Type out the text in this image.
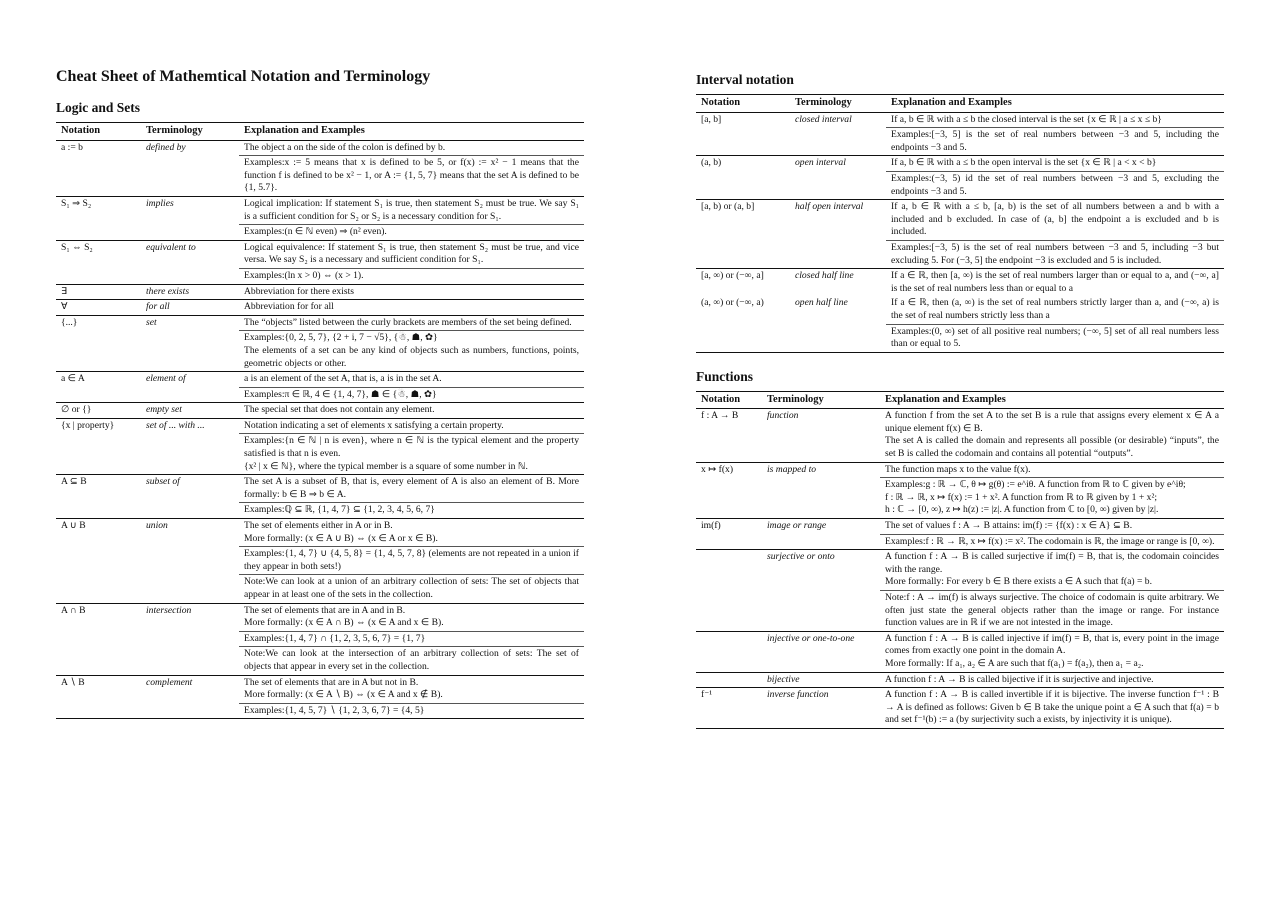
Cheat Sheet of Mathemtical Notation and Terminology
Logic and Sets
Notation	Terminology	Explanation and Examples
a := b	defined by	The object a on the side of the colon is defined by b.
		Examples:x := 5 means that x is defined to be 5, or f(x) := x² − 1 means that the function f is defined to be x² − 1, or A := {1, 5, 7} means that the set A is defined to be {1, 5.7}.
S₁ ⇒ S₂	implies	Logical implication: If statement S₁ is true, then statement S₂ must be true. We say S₁ is a sufficient condition for S₂ or S₂ is a necessary condition for S₁.
		Examples:(n ∈ ℕ even) ⇒ (n² even).
S₁ ⇔ S₂	equivalent to	Logical equivalence: If statement S₁ is true, then statement S₂ must be true, and vice versa. We say S₂ is a necessary and sufficient condition for S₁.
		Examples:(ln x > 0) ⇔ (x > 1).
∃	there exists	Abbreviation for there exists
∀	for all	Abbreviation for for all
{...}	set	The “objects” listed between the curly brackets are members of the set being defined.
		Examples:{0, 2, 5, 7}, {2 + i, 7 − √5}, {☃, ☗, ✿}
The elements of a set can be any kind of objects such as numbers, functions, points, geometric objects or other.
a ∈ A	element of	a is an element of the set A, that is, a is in the set A.
		Examples:π ∈ ℝ, 4 ∈ {1, 4, 7}, ☗ ∈ {☃, ☗, ✿}
∅ or {}	empty set	The special set that does not contain any element.
{x | property}	set of ... with ...	Notation indicating a set of elements x satisfying a certain property.
		Examples:{n ∈ ℕ | n is even}, where n ∈ ℕ is the typical element and the property satisfied is that n is even.
{x² | x ∈ ℕ}, where the typical member is a square of some number in ℕ.
A ⊆ B	subset of	The set A is a subset of B, that is, every element of A is also an element of B. More formally: b ∈ B ⇒ b ∈ A.
		Examples:ℚ ⊆ ℝ, {1, 4, 7} ⊆ {1, 2, 3, 4, 5, 6, 7}
A ∪ B	union	The set of elements either in A or in B.
More formally: (x ∈ A ∪ B) ⇔ (x ∈ A or x ∈ B).
		Examples:{1, 4, 7} ∪ {4, 5, 8} = {1, 4, 5, 7, 8} (elements are not repeated in a union if they appear in both sets!)
		Note:We can look at a union of an arbitrary collection of sets: The set of objects that appear in at least one of the sets in the collection.
A ∩ B	intersection	The set of elements that are in A and in B.
More formally: (x ∈ A ∩ B) ⇔ (x ∈ A and x ∈ B).
		Examples:{1, 4, 7} ∩ {1, 2, 3, 5, 6, 7} = {1, 7}
		Note:We can look at the intersection of an arbitrary collection of sets: The set of objects that appear in every set in the collection.
A ∖ B	complement	The set of elements that are in A but not in B.
More formally: (x ∈ A ∖ B) ⇔ (x ∈ A and x ∉ B).
		Examples:{1, 4, 5, 7} ∖ {1, 2, 3, 6, 7} = {4, 5}
Interval notation
Notation	Terminology	Explanation and Examples
[a, b]	closed interval	If a, b ∈ ℝ with a ≤ b the closed interval is the set {x ∈ ℝ | a ≤ x ≤ b}
		Examples:[−3, 5] is the set of real numbers between −3 and 5, including the endpoints −3 and 5.
(a, b)	open interval	If a, b ∈ ℝ with a ≤ b the open interval is the set {x ∈ ℝ | a < x < b}
		Examples:(−3, 5) id the set of real numbers between −3 and 5, excluding the endpoints −3 and 5.
[a, b) or (a, b]	half open interval	If a, b ∈ ℝ with a ≤ b, [a, b) is the set of all numbers between a and b with a included and b excluded. In case of (a, b] the endpoint a is excluded and b is included.
		Examples:[−3, 5) is the set of real numbers between −3 and 5, including −3 but excluding 5. For (−3, 5] the endpoint −3 is excluded and 5 is included.
[a, ∞) or (−∞, a]	closed half line	If a ∈ ℝ, then [a, ∞) is the set of real numbers larger than or equal to a, and (−∞, a] is the set of real numbers less than or equal to a
(a, ∞) or (−∞, a)	open half line	If a ∈ ℝ, then (a, ∞) is the set of real numbers strictly larger than a, and (−∞, a) is the set of real numbers strictly less than a
		Examples:(0, ∞) set of all positive real numbers; (−∞, 5] set of all real numbers less than or equal to 5.
Functions
Notation	Terminology	Explanation and Examples
f : A → B	function	A function f from the set A to the set B is a rule that assigns every element x ∈ A a unique element f(x) ∈ B.
The set A is called the domain and represents all possible (or desirable) “inputs”, the set B is called the codomain and contains all potential “outputs”.
x ↦ f(x)	is mapped to	The function maps x to the value f(x).
		Examples:g : ℝ → ℂ, θ ↦ g(θ) := e^iθ. A function from ℝ to ℂ given by e^iθ;
f : ℝ → ℝ, x ↦ f(x) := 1 + x². A function from ℝ to ℝ given by 1 + x²;
h : ℂ → [0, ∞), z ↦ h(z) := |z|. A function from ℂ to [0, ∞) given by |z|.
im(f)	image or range	The set of values f : A → B attains: im(f) := {f(x) : x ∈ A} ⊆ B.
		Examples:f : ℝ → ℝ, x ↦ f(x) := x². The codomain is ℝ, the image or range is [0, ∞).
	surjective or onto	A function f : A → B is called surjective if im(f) = B, that is, the codomain coincides with the range.
More formally: For every b ∈ B there exists a ∈ A such that f(a) = b.
		Note:f : A → im(f) is always surjective. The choice of codomain is quite arbitrary. We often just state the general objects rather than the image or range. For instance function values are in ℝ if we are not intested in the image.
	injective or one-to-one	A function f : A → B is called injective if im(f) = B, that is, every point in the image comes from exactly one point in the domain A.
More formally: If a₁, a₂ ∈ A are such that f(a₁) = f(a₂), then a₁ = a₂.
	bijective	A function f : A → B is called bijective if it is surjective and injective.
f⁻¹	inverse function	A function f : A → B is called invertible if it is bijective. The inverse function f⁻¹ : B → A is defined as follows: Given b ∈ B take the unique point a ∈ A such that f(a) = b and set f⁻¹(b) := a (by surjectivity such a exists, by injectivity it is unique).
